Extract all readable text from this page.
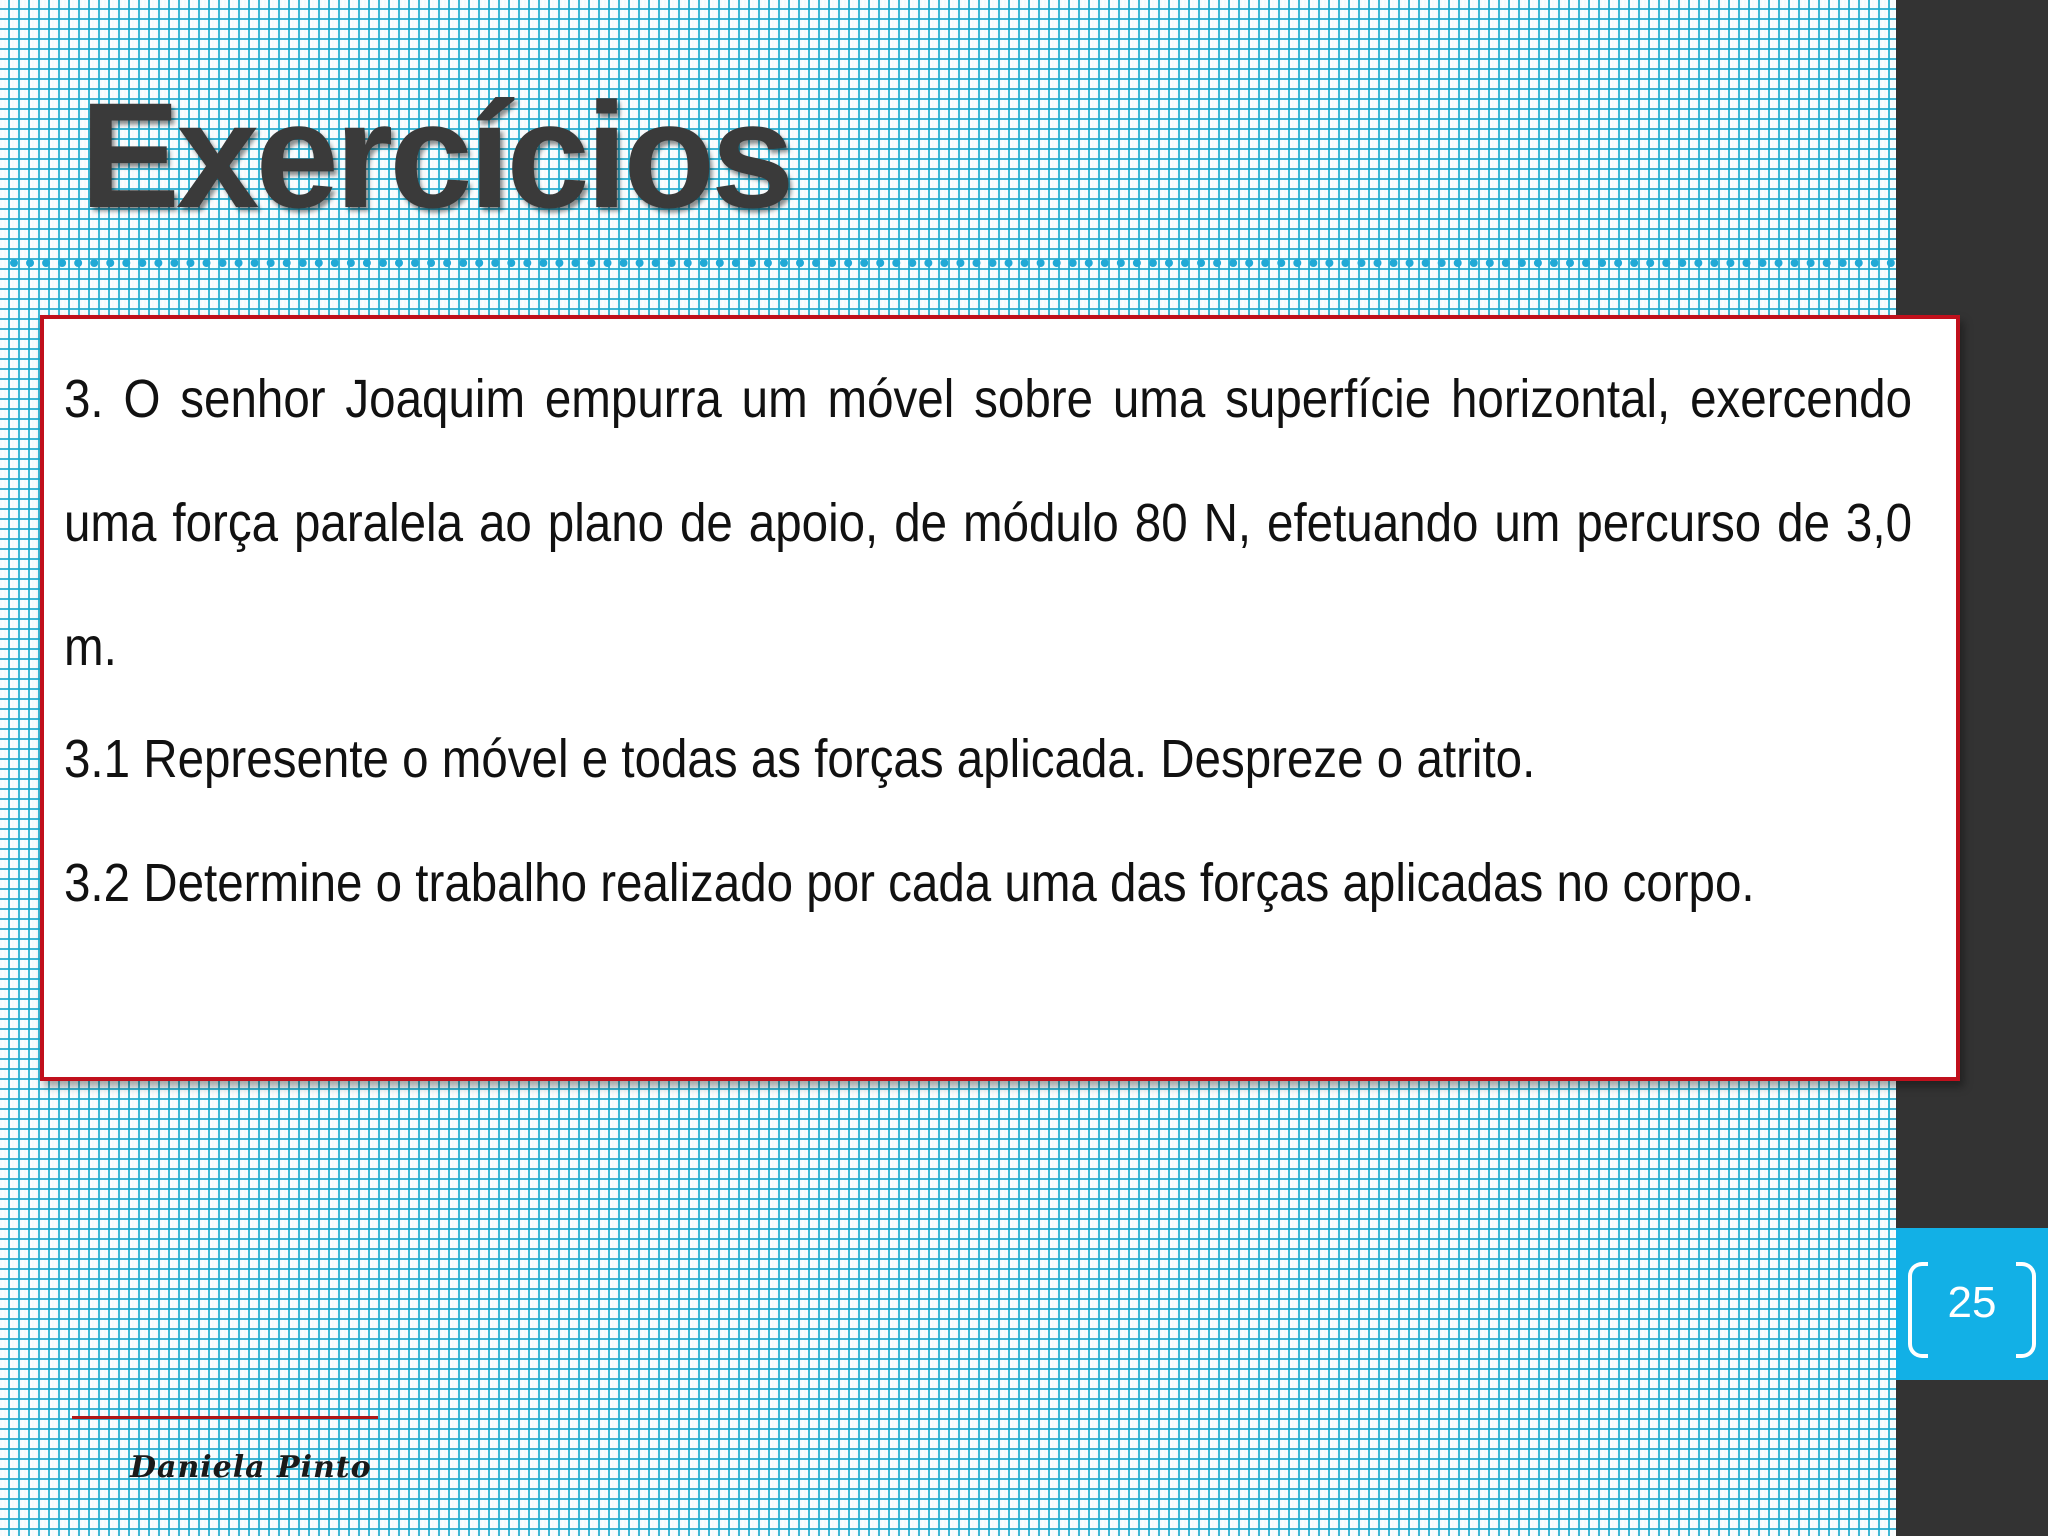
25
Exercícios

3. O senhor Joaquim empurra um móvel sobre uma superfície horizontal, exercendo uma força paralela ao plano de apoio, de módulo 80 N, efetuando um percurso de 3,0 m.

3.1 Represente o móvel e todas as forças aplicada. Despreze o atrito.

3.2 Determine o trabalho realizado por cada uma das forças aplicadas no corpo.

Daniela Pinto
